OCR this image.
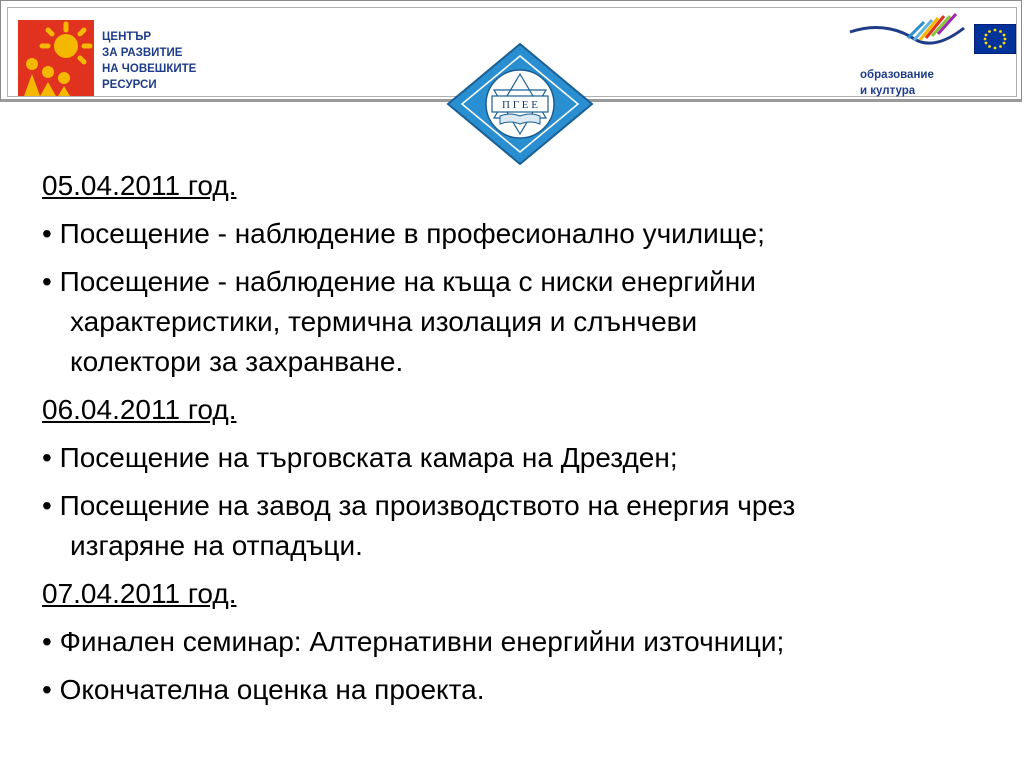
ЦЕНТЪР
ЗА РАЗВИТИЕ
НА ЧОВЕШКИТЕ
РЕСУРСИ
П Г Е Е
образование
и култура
05.04.2011 год.
• Посещение - наблюдение в професионално училище;
• Посещение - наблюдение на къща с ниски енергийни
характеристики, термична изолация и слънчеви
колектори за захранване.
06.04.2011 год.
• Посещение на търговската камара на Дрезден;
• Посещение на завод за производството на енергия чрез
изгаряне на отпадъци.
07.04.2011 год.
• Финален семинар: Алтернативни енергийни източници;
• Окончателна оценка на проекта.
